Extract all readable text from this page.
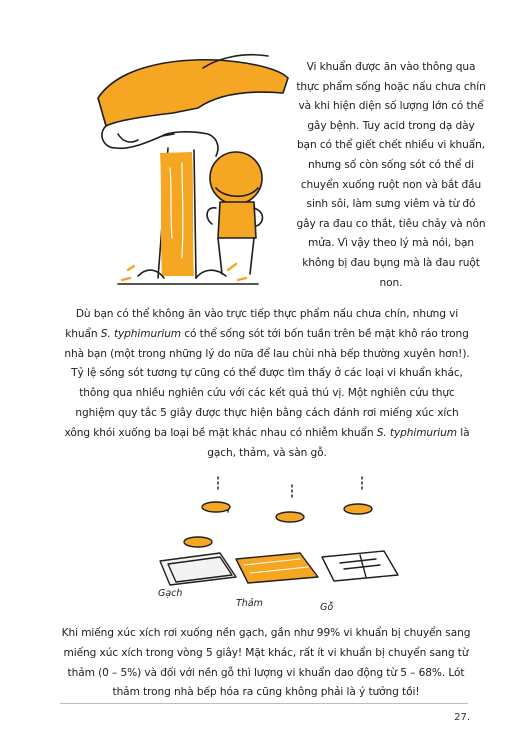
Vi khuẩn được ăn vào thông qua thực phẩm sống hoặc nấu chưa chín và khi hiện diện số lượng lớn có thể gây bệnh. Tuy acid trong dạ dày bạn có thể giết chết nhiều vi khuẩn, nhưng số còn sống sót có thể di chuyển xuống ruột non và bắt đầu sinh sôi, làm sưng viêm và từ đó gây ra đau co thắt, tiêu chảy và nôn mửa. Vì vậy theo lý mà nói, bạn không bị đau bụng mà là đau ruột non.
Dù bạn có thể không ăn vào trực tiếp thực phẩm nấu chưa chín, nhưng vi khuẩn S. typhimurium có thể sống sót tới bốn tuần trên bề mặt khô ráo trong nhà bạn (một trong những lý do nữa để lau chùi nhà bếp thường xuyên hơn!). Tỷ lệ sống sót tương tự cũng có thể được tìm thấy ở các loại vi khuẩn khác, thông qua nhiều nghiên cứu với các kết quả thú vị. Một nghiên cứu thực nghiệm quy tắc 5 giây được thực hiện bằng cách đánh rơi miếng xúc xích xông khói xuống ba loại bề mặt khác nhau có nhiễm khuẩn S. typhimurium là gạch, thảm, và sàn gỗ.
Gạch
Thảm	Gỗ
Khi miếng xúc xích rơi xuống nền gạch, gần như 99% vi khuẩn bị chuyển sang miếng xúc xích trong vòng 5 giây! Mặt khác, rất ít vi khuẩn bị chuyển sang từ thảm (0 – 5%) và đối với nền gỗ thì lượng vi khuẩn dao động từ 5 – 68%. Lót thảm trong nhà bếp hóa ra cũng không phải là ý tưởng tồi!
27.
